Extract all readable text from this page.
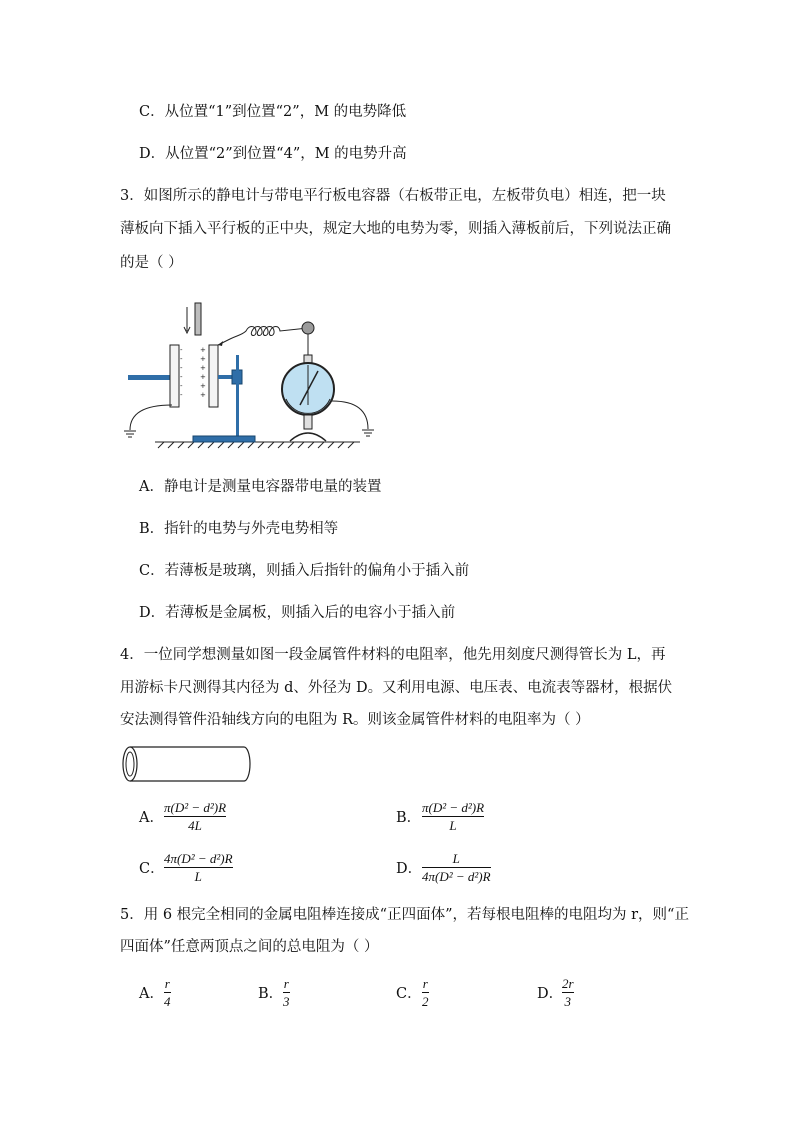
C．从位置“1”到位置“2”，M 的电势降低
D．从位置“2”到位置“4”，M 的电势升高
3．如图所示的静电计与带电平行板电容器（右板带正电，左板带负电）相连，把一块
薄板向下插入平行板的正中央，规定大地的电势为零，则插入薄板前后，下列说法正确
的是（ ）
-
-
-
-
-
-
+
+
+
+
+
+
A．静电计是测量电容器带电量的装置
B．指针的电势与外壳电势相等
C．若薄板是玻璃，则插入后指针的偏角小于插入前
D．若薄板是金属板，则插入后的电容小于插入前
4．一位同学想测量如图一段金属管件材料的电阻率，他先用刻度尺测得管长为 L，再
用游标卡尺测得其内径为 d、外径为 D。又利用电源、电压表、电流表等器材，根据伏
安法测得管件沿轴线方向的电阻为 R。则该金属管件材料的电阻率为（ ）
A．
π(D² − d²)R
4L	B．
π(D² − d²)R
L
C．
4π(D² − d²)R
L	D．
L
4π(D² − d²)R
5．用 6 根完全相同的金属电阻棒连接成“正四面体”，若每根电阻棒的电阻均为 r，则“正
四面体”任意两顶点之间的总电阻为（ ）
A．
r
4	B．
r
3	C．
r
2	D．
2r
3
